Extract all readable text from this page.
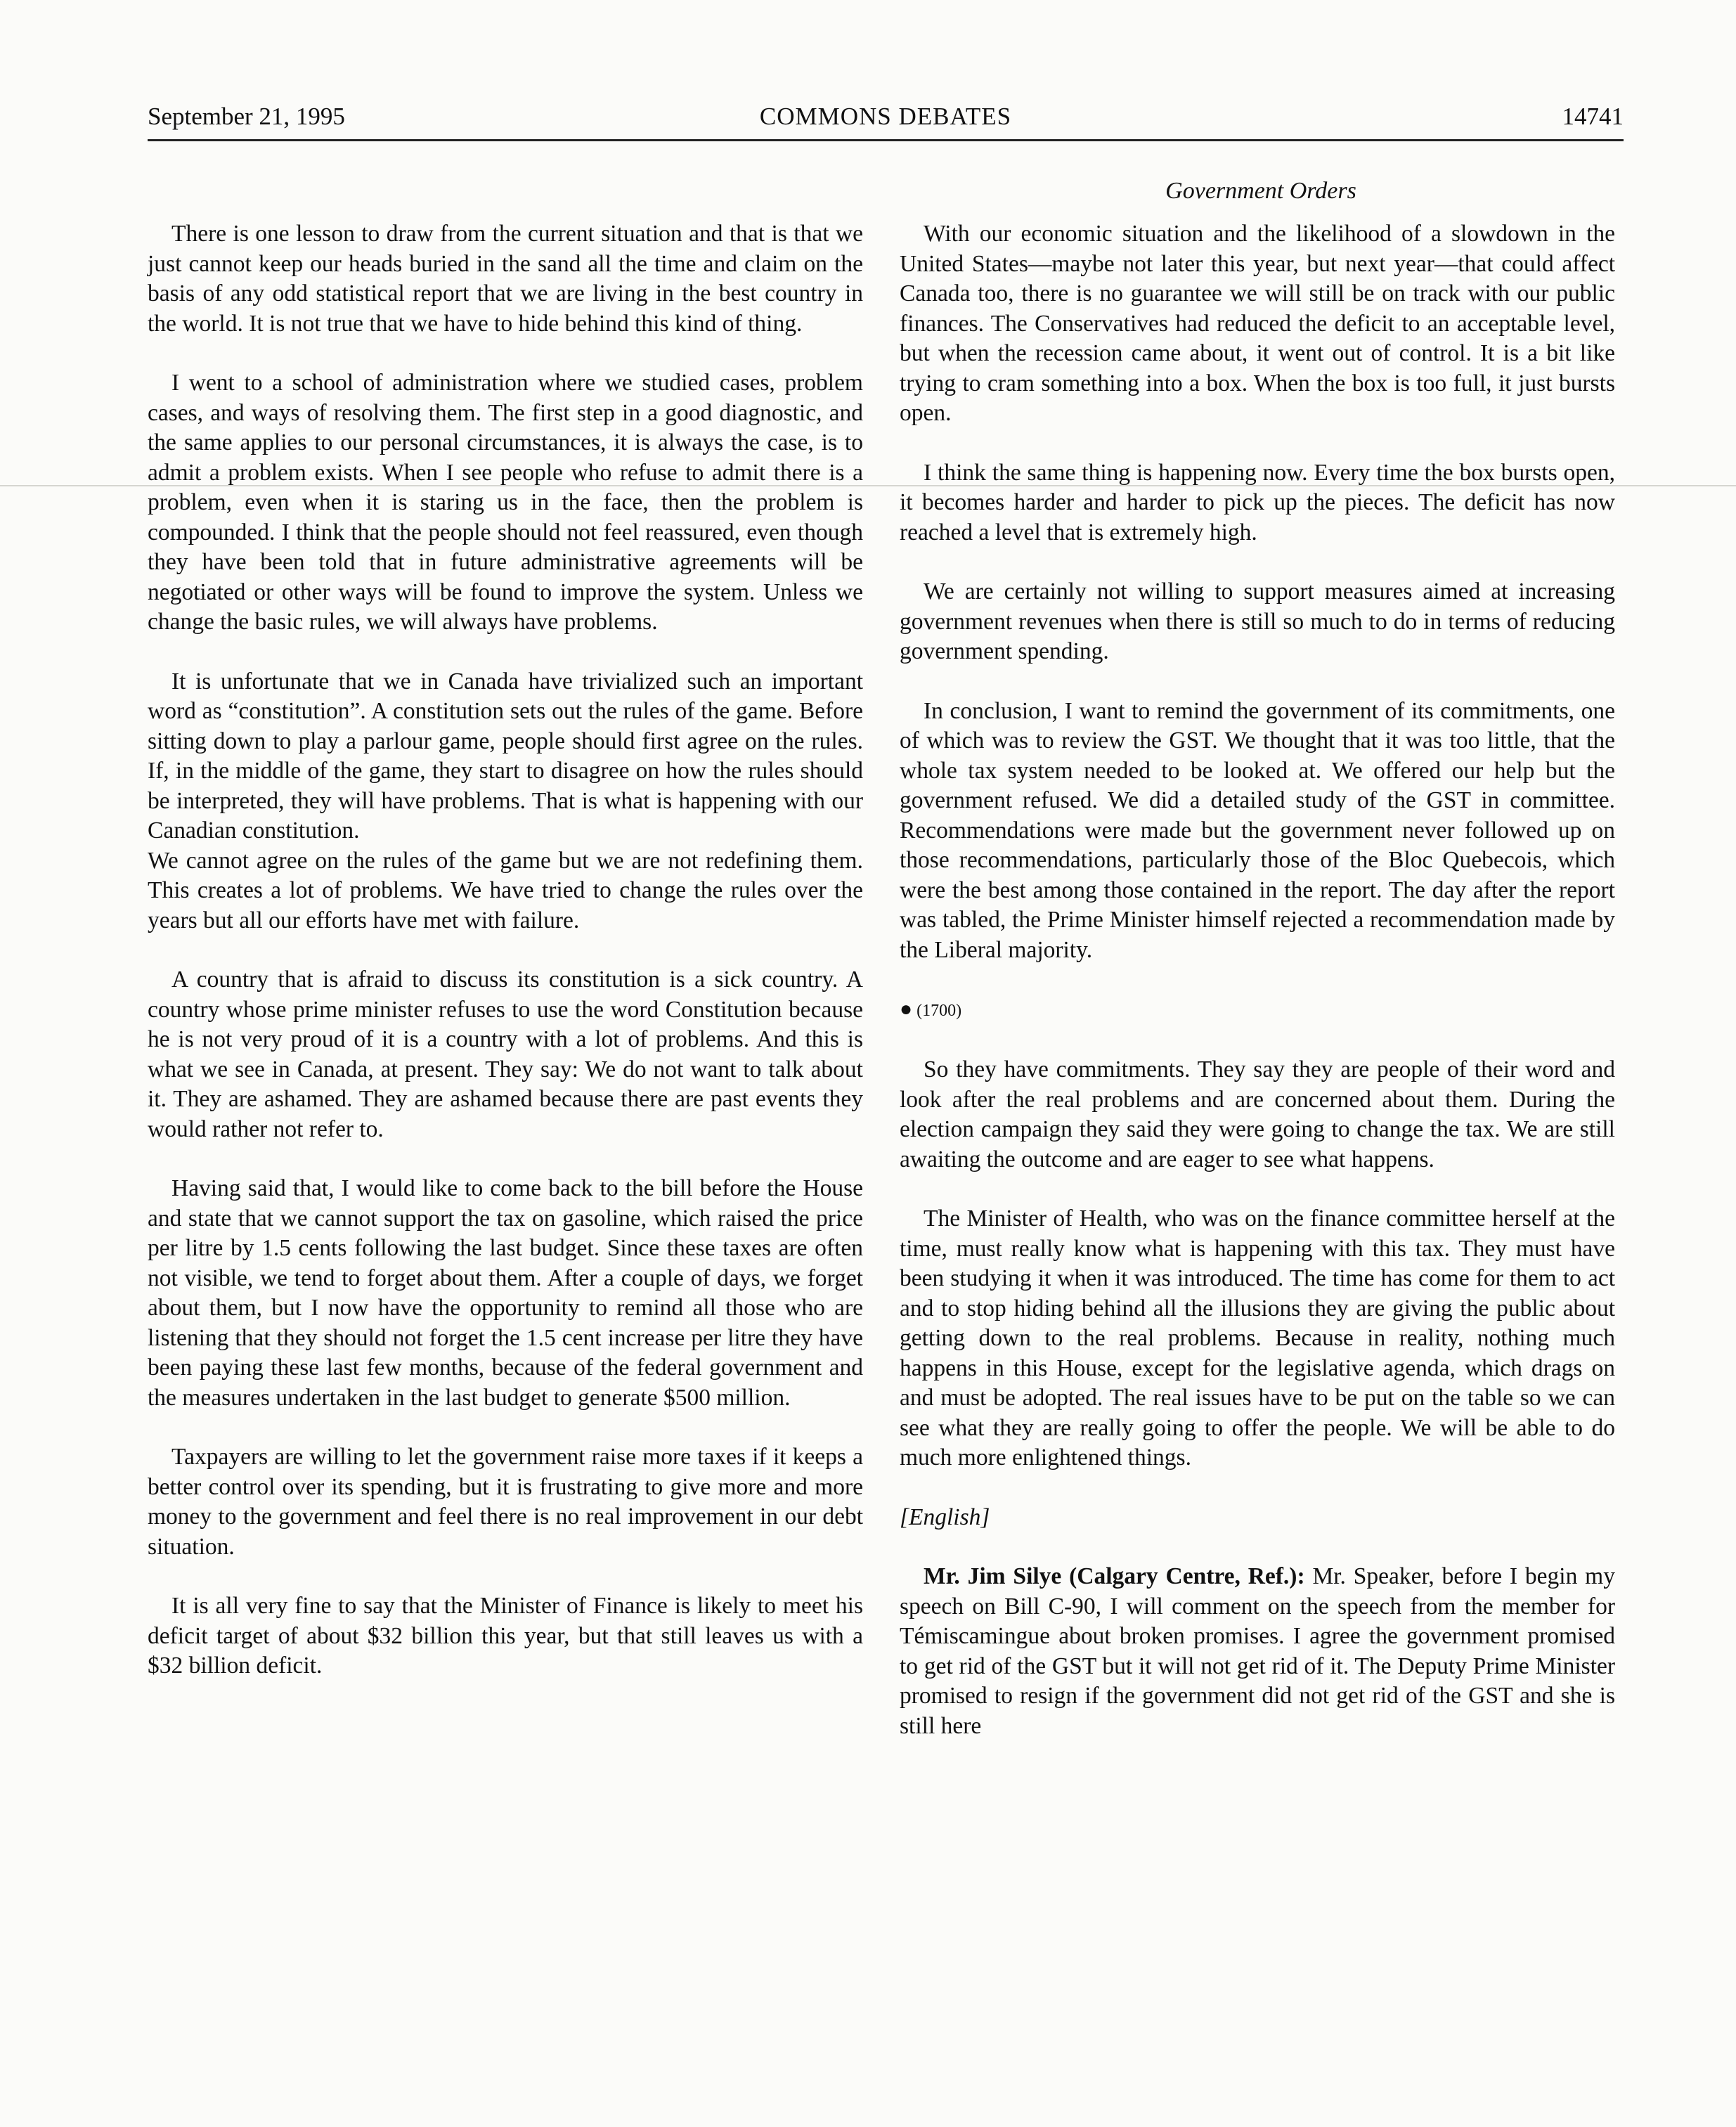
September 21, 1995	COMMONS DEBATES	14741
Government Orders

There is one lesson to draw from the current situation and that is that we just cannot keep our heads buried in the sand all the time and claim on the basis of any odd statistical report that we are living in the best country in the world. It is not true that we have to hide behind this kind of thing.

I went to a school of administration where we studied cases, problem cases, and ways of resolving them. The first step in a good diagnostic, and the same applies to our personal circumstances, it is always the case, is to admit a problem exists. When I see people who refuse to admit there is a problem, even when it is staring us in the face, then the problem is compounded. I think that the people should not feel reassured, even though they have been told that in future administrative agreements will be negotiated or other ways will be found to improve the system. Unless we change the basic rules, we will always have problems.

It is unfortunate that we in Canada have trivialized such an important word as “constitution”. A constitution sets out the rules of the game. Before sitting down to play a parlour game, people should first agree on the rules. If, in the middle of the game, they start to disagree on how the rules should be interpreted, they will have problems. That is what is happening with our Canadian constitution.

We cannot agree on the rules of the game but we are not redefining them. This creates a lot of problems. We have tried to change the rules over the years but all our efforts have met with failure.

A country that is afraid to discuss its constitution is a sick country. A country whose prime minister refuses to use the word Constitution because he is not very proud of it is a country with a lot of problems. And this is what we see in Canada, at present. They say: We do not want to talk about it. They are ashamed. They are ashamed because there are past events they would rather not refer to.

Having said that, I would like to come back to the bill before the House and state that we cannot support the tax on gasoline, which raised the price per litre by 1.5 cents following the last budget. Since these taxes are often not visible, we tend to forget about them. After a couple of days, we forget about them, but I now have the opportunity to remind all those who are listening that they should not forget the 1.5 cent increase per litre they have been paying these last few months, because of the federal government and the measures undertaken in the last budget to generate $500 million.

Taxpayers are willing to let the government raise more taxes if it keeps a better control over its spending, but it is frustrating to give more and more money to the government and feel there is no real improvement in our debt situation.

It is all very fine to say that the Minister of Finance is likely to meet his deficit target of about $32 billion this year, but that still leaves us with a $32 billion deficit.

With our economic situation and the likelihood of a slowdown in the United States—maybe not later this year, but next year—that could affect Canada too, there is no guarantee we will still be on track with our public finances. The Conservatives had reduced the deficit to an acceptable level, but when the recession came about, it went out of control. It is a bit like trying to cram something into a box. When the box is too full, it just bursts open.

I think the same thing is happening now. Every time the box bursts open, it becomes harder and harder to pick up the pieces. The deficit has now reached a level that is extremely high.

We are certainly not willing to support measures aimed at increasing government revenues when there is still so much to do in terms of reducing government spending.

In conclusion, I want to remind the government of its commitments, one of which was to review the GST. We thought that it was too little, that the whole tax system needed to be looked at. We offered our help but the government refused. We did a detailed study of the GST in committee. Recommendations were made but the government never followed up on those recommendations, particularly those of the Bloc Quebecois, which were the best among those contained in the report. The day after the report was tabled, the Prime Minister himself rejected a recommendation made by the Liberal majority.

● (1700)

So they have commitments. They say they are people of their word and look after the real problems and are concerned about them. During the election campaign they said they were going to change the tax. We are still awaiting the outcome and are eager to see what happens.

The Minister of Health, who was on the finance committee herself at the time, must really know what is happening with this tax. They must have been studying it when it was introduced. The time has come for them to act and to stop hiding behind all the illusions they are giving the public about getting down to the real problems. Because in reality, nothing much happens in this House, except for the legislative agenda, which drags on and must be adopted. The real issues have to be put on the table so we can see what they are really going to offer the people. We will be able to do much more enlightened things.

[English]

Mr. Jim Silye (Calgary Centre, Ref.): Mr. Speaker, before I begin my speech on Bill C-90, I will comment on the speech from the member for Témiscamingue about broken promises. I agree the government promised to get rid of the GST but it will not get rid of it. The Deputy Prime Minister promised to resign if the government did not get rid of the GST and she is still here
